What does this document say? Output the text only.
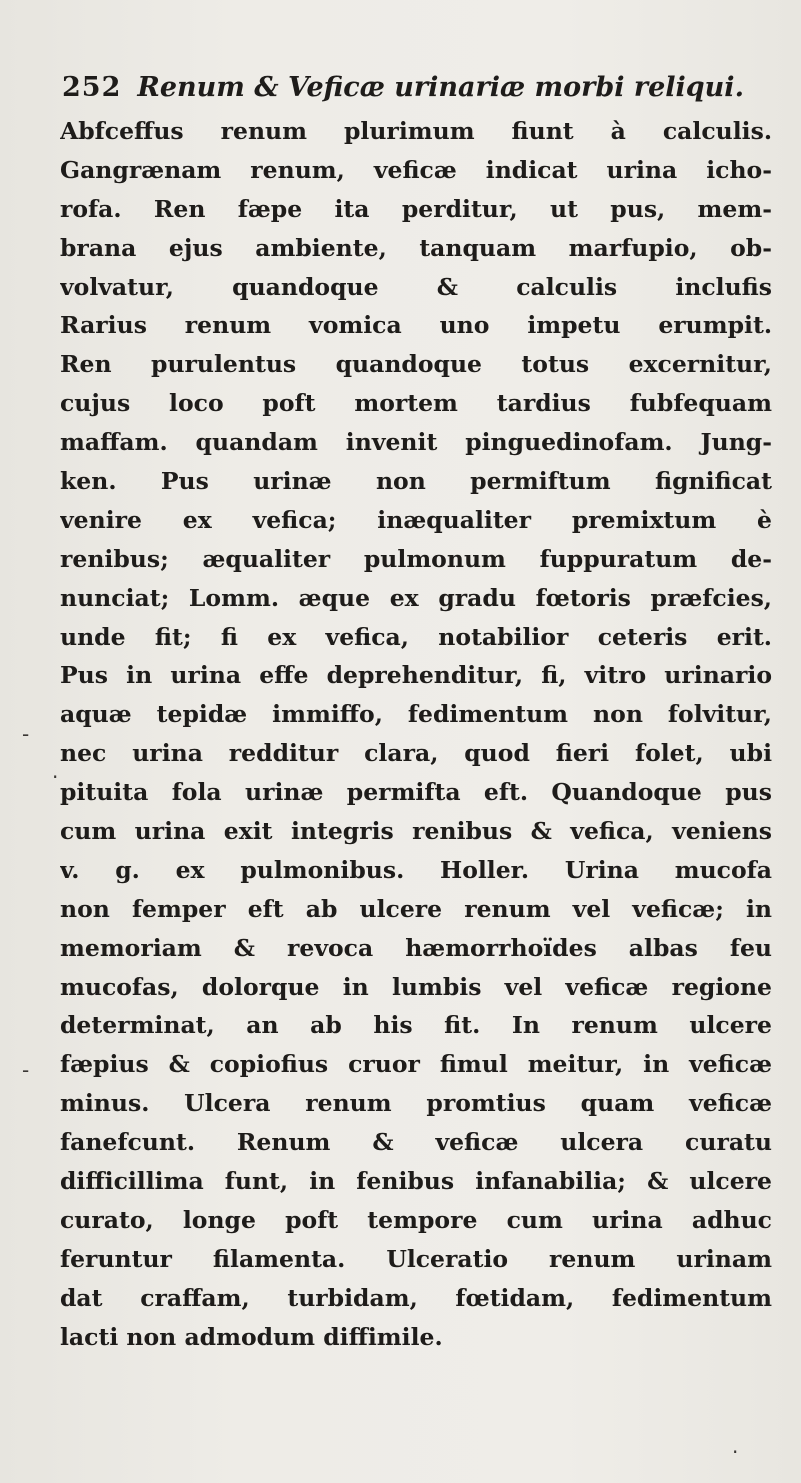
252 Renum & Veficæ urinariæ morbi reliqui.
Abfceffus renum plurimum fiunt à calculis.
Gangrænam renum, veficæ indicat urina icho-
rofa. Ren fæpe ita perditur, ut pus, mem-
brana ejus ambiente, tanquam marfupio, ob-
volvatur, quandoque & calculis inclufis
Rarius renum vomica uno impetu erumpit.
Ren purulentus quandoque totus excernitur,
cujus loco poft mortem tardius fubfequam
maffam. quandam invenit pinguedinofam. Jung-
ken. Pus urinæ non permiftum fignificat
venire ex vefica; inæqualiter premixtum è
renibus; æqualiter pulmonum fuppuratum de-
nunciat; Lomm. æque ex gradu fœtoris præfcies,
unde fit; fi ex vefica, notabilior ceteris erit.
Pus in urina effe deprehenditur, fi, vitro urinario
aquæ tepidæ immiffo, fedimentum non folvitur,
nec urina redditur clara, quod fieri folet, ubi
pituita fola urinæ permifta eft. Quandoque pus
cum urina exit integris renibus & vefica, veniens
v. g. ex pulmonibus. Holler. Urina mucofa
non femper eft ab ulcere renum vel veficæ; in
memoriam & revoca hæmorrhoïdes albas feu
mucofas, dolorque in lumbis vel veficæ regione
determinat, an ab his fit. In renum ulcere
fæpius & copiofius cruor fimul meitur, in veficæ
minus. Ulcera renum promtius quam veficæ
fanefcunt. Renum & veficæ ulcera curatu
difficillima funt, in fenibus infanabilia; & ulcere
curato, longe poft tempore cum urina adhuc
feruntur filamenta. Ulceratio renum urinam
dat craffam, turbidam, fœtidam, fedimentum
lacti non admodum diffimile.
-
·
-
·
